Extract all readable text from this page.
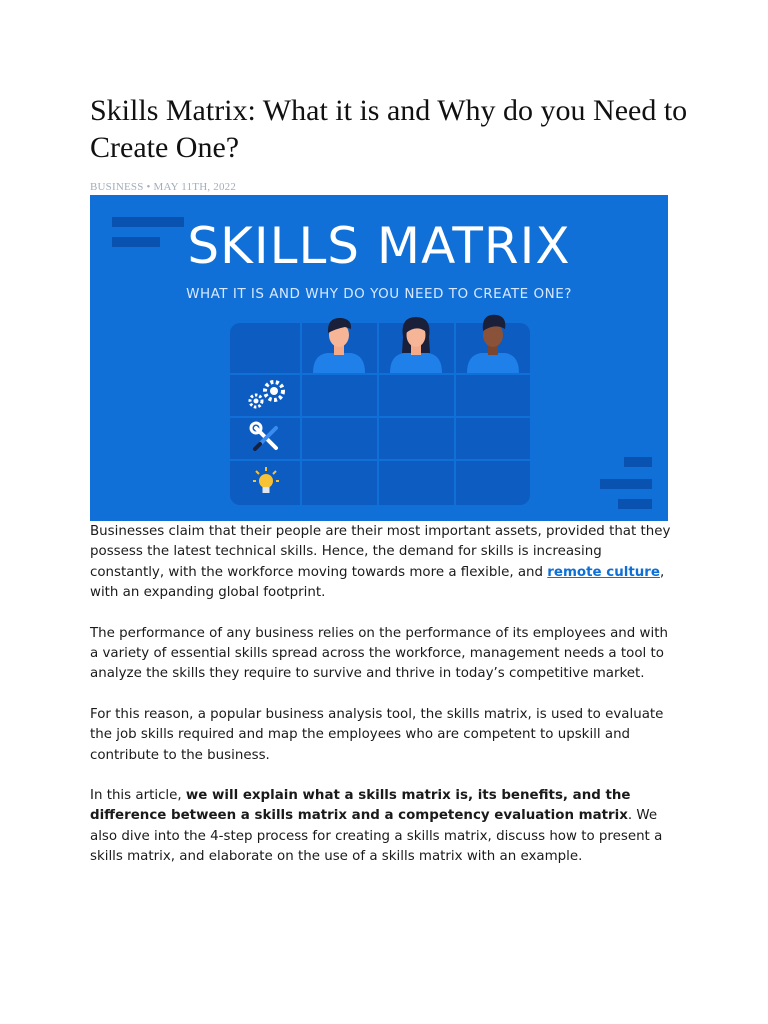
Skills Matrix: What it is and Why do you Need to Create One?
BUSINESS • MAY 11TH, 2022
SKILLS MATRIX
WHAT IT IS AND WHY DO YOU NEED TO CREATE ONE?

Businesses claim that their people are their most important assets, provided that they possess the latest technical skills. Hence, the demand for skills is increasing constantly, with the workforce moving towards more a flexible, and remote culture, with an expanding global footprint.

The performance of any business relies on the performance of its employees and with a variety of essential skills spread across the workforce, management needs a tool to analyze the skills they require to survive and thrive in today’s competitive market.

For this reason, a popular business analysis tool, the skills matrix, is used to evaluate the job skills required and map the employees who are competent to upskill and contribute to the business.

In this article, we will explain what a skills matrix is, its benefits, and the difference between a skills matrix and a competency evaluation matrix. We also dive into the 4-step process for creating a skills matrix, discuss how to present a skills matrix, and elaborate on the use of a skills matrix with an example.
